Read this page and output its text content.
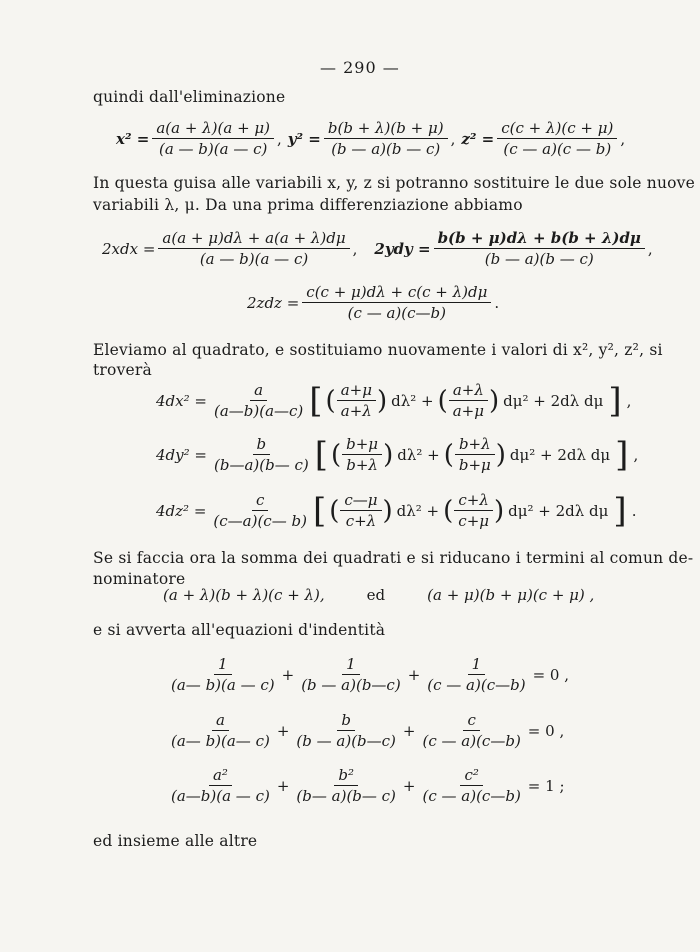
— 290 —
quindi dall'eliminazione
$x^2 = \frac{a(a + \lambda)(a + \mu)}{(a — b)(a — c)}$ , $y^2 = \frac{b(b + \lambda)(b + \mu)}{(b — a)(b — c)}$ , $z^2 = \frac{c(c + \lambda)(c + \mu)}{(c — a)(c — b)}$ ,
In questa guisa alle variabili x, y, z si potranno sostituire le due sole nuove
variabili λ, μ. Da una prima differenziazione abbiamo
$2xdx = \frac{a(a + \mu)d\lambda + a(a + \lambda)d\mu}{(a — b)(a — c)}$ ,	$2ydy = \frac{b(b + \mu)d\lambda + b(b + \lambda)d\mu}{(b — a)(b — c)}$ ,
$2zdz = \frac{c(c + \mu)d\lambda + c(c + \lambda)d\mu}{(c — a)(c—b)}$ .
Eleviamo al quadrato, e sostituiamo nuovamente i valori di x², y², z², si
troverà
$4dx^2 = \frac{a}{(a—b)(a—c)}$ [ ( $\frac{a+\mu}{a+\lambda}$ ) dλ² + ( $\frac{a+\lambda}{a+\mu}$ ) dμ² + 2dλ dμ ] ,
$4dy^2 = \frac{b}{(b—a)(b— c)}$ [ ( $\frac{b+\mu}{b+\lambda}$ ) dλ² + ( $\frac{b+\lambda}{b+\mu}$ ) dμ² + 2dλ dμ ] ,
$4dz^2 = \frac{c}{(c—a)(c— b)}$ [ ( $\frac{c—\mu}{c+\lambda}$ ) dλ² + ( $\frac{c+\lambda}{c+\mu}$ ) dμ² + 2dλ dμ ] .
Se si faccia ora la somma dei quadrati e si riducano i termini al comun de-
nominatore
(a + λ)(b + λ)(c + λ),	ed	(a + μ)(b + μ)(c + μ) ,
e si avverta all'equazioni d'indentità
$\frac{1}{(a— b)(a — c)} + \frac{1}{(b — a)(b—c)} + \frac{1}{(c — a)(c—b)} = 0$ ,
$\frac{a}{(a— b)(a— c)} + \frac{b}{(b — a)(b—c)} + \frac{c}{(c — a)(c—b)} = 0$ ,
$\frac{\text{a²}}{(a—b)(a — c)} + \frac{\text{b²}}{(b— a)(b— c)} + \frac{\text{c²}}{(c — a)(c—b)} = 1$ ;
ed insieme alle altre
